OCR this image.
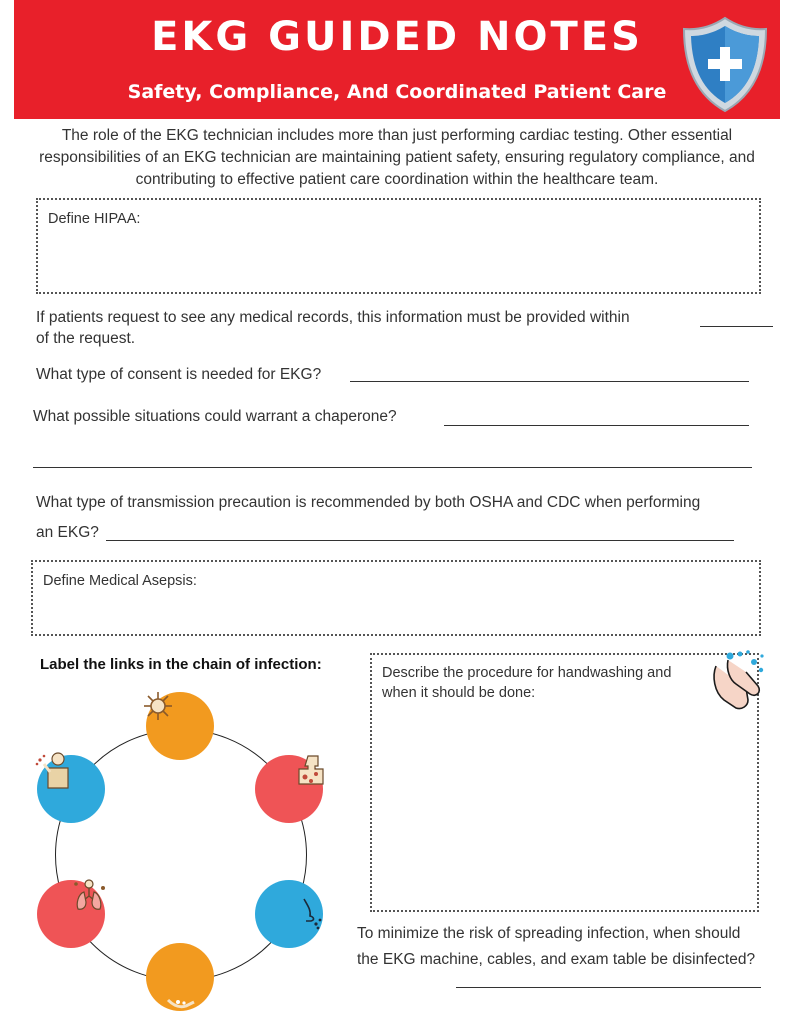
EKG GUIDED NOTES
Safety, Compliance, And Coordinated Patient Care
The role of the EKG technician includes more than just performing cardiac testing. Other essential responsibilities of an EKG technician are maintaining patient safety, ensuring regulatory compliance, and contributing to effective patient care coordination within the healthcare team.
Define HIPAA:
If patients request to see any medical records, this information must be provided within
of the request.
What type of consent is needed for EKG?
What possible situations could warrant a chaperone?
What type of transmission precaution is recommended by both OSHA and CDC when performing
an EKG?
Define Medical Asepsis:
Label the links in the chain of infection:	Describe the procedure for handwashing and when it should be done:
To minimize the risk of spreading infection, when should the EKG machine, cables, and exam table be disinfected?
